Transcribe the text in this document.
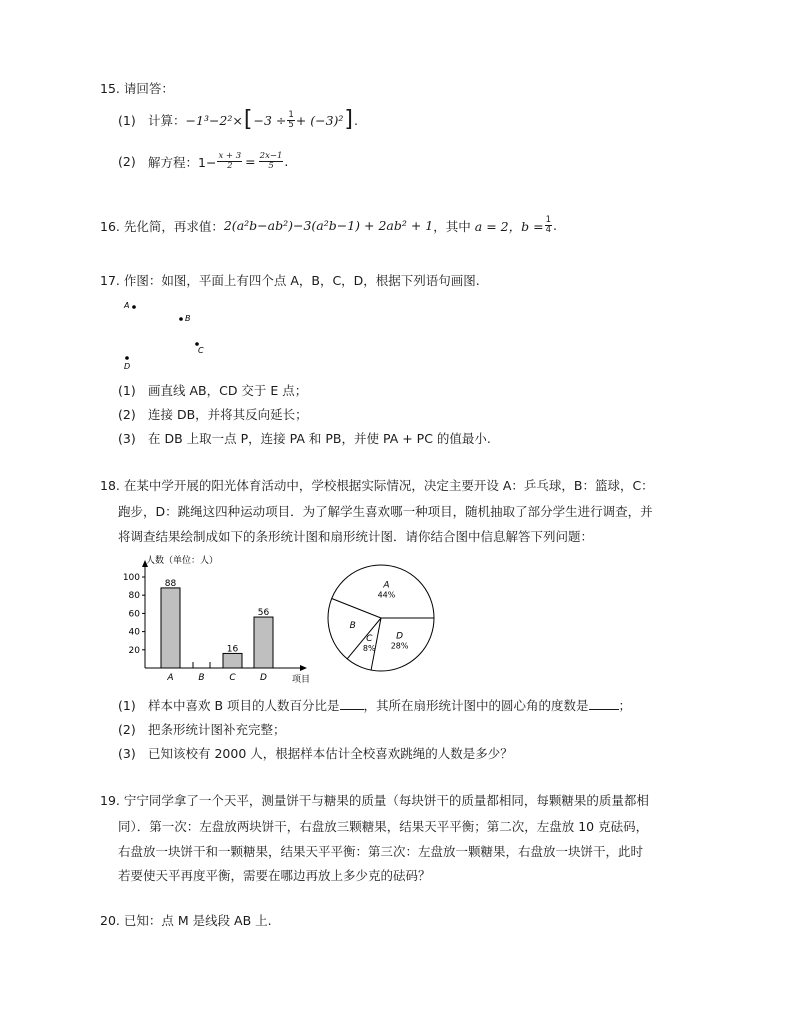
15. 请回答：
(1) 计算： −1³−2²× [ $-3 \div \frac{1}{5} + (-3)^2$ ] .
(2) 解方程：$1- \frac{x + 3}{2} = \frac{2x-1}{5}$ .
16. 先化简，再求值： 2(a²b−ab²)−3(a²b−1) + 2ab² + 1 ，其中 a = 2，$b = \frac{1}{4}$ .
17. 作图：如图，平面上有四个点 A，B，C，D，根据下列语句画图.
A
B
C
D
(1) 画直线 AB，CD 交于 E 点；
(2) 连接 DB，并将其反向延长；
(3) 在 DB 上取一点 P，连接 PA 和 PB，并使 PA + PC 的值最小.
18. 在某中学开展的阳光体育活动中，学校根据实际情况，决定主要开设 A：乒乓球，B：篮球，C：
跑步，D：跳绳这四种运动项目．为了解学生喜欢哪一种项目，随机抽取了部分学生进行调查，并
将调查结果绘制成如下的条形统计图和扇形统计图．请你结合图中信息解答下列问题：
人数（单位：人）
项目
20
40
60
80
100
A
88
B	C
16
D
56
A
44%
B
C
8%
D
28%
(1) 样本中喜欢 B 项目的人数百分比是 ，其所在扇形统计图中的圆心角的度数是 ；
(2) 把条形统计图补充完整；
(3) 已知该校有 2000 人，根据样本估计全校喜欢跳绳的人数是多少？
19. 宁宁同学拿了一个天平，测量饼干与糖果的质量（每块饼干的质量都相同，每颗糖果的质量都相
同）．第一次：左盘放两块饼干，右盘放三颗糖果，结果天平平衡；第二次，左盘放 10 克砝码，
右盘放一块饼干和一颗糖果，结果天平平衡：第三次：左盘放一颗糖果，右盘放一块饼干，此时
若要使天平再度平衡，需要在哪边再放上多少克的砝码？
20. 已知：点 M 是线段 AB 上.
